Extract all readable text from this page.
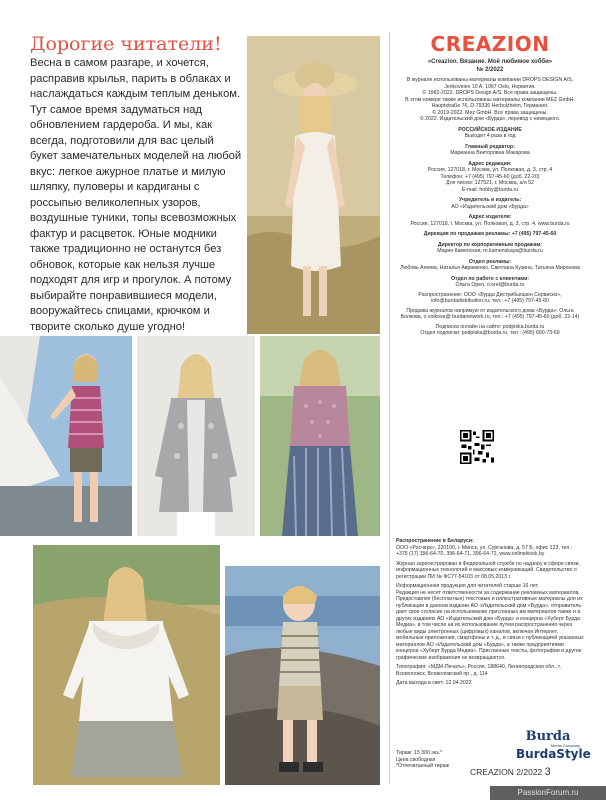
Дорогие читатели!
Весна в самом разгаре, и хочется, расправив крылья, парить в облаках и наслаждаться каждым теплым деньком. Тут самое время задуматься над обновлением гардероба. И мы, как всегда, подготовили для вас целый букет замечательных моделей на любой вкус: легкое ажурное платье и милую шляпку, пуловеры и кардиганы с россыпью великолепных узоров, воздушные туники, топы всевозможных фактур и расцветок. Юные модники также традиционно не останутся без обновок, которые как нельзя лучше подходят для игр и прогулок. А потому выбирайте понравившиеся модели, вооружайтесь спицами, крючком и творите сколько душе угодно!
CREAZION
«Creazion. Вязание. Моё любимое хобби»
№ 2/2022
В журнале использованы материалы компании DROPS DESIGN A/S, Jerikoveien 10 A, 1067 Oslo, Норвегия.
© 1982-2022. DROPS Design A/S. Все права защищены.
В этом номере также использованы материалы компании MEZ GmbH, Hauptstraße 76, D-79336 Herbolzheim, Германия.
© 2019-2022. Mez GmbH. Все права защищены.
© 2022. Издательский дом «Бурда», перевод с немецкого.
РОССИЙСКОЕ ИЗДАНИЕ
Выходит 4 раза в год
Главный редактор:
Марианна Викторовна Макарова
Адрес редакции:
Россия, 127018, г. Москва, ул. Полковая, д. 3, стр. 4
Телефон: +7 (495) 797-45-60 (доб. 22-20)
Для писем: 127521, г. Москва, а/я 52
E-mail: hobby@burda.ru
Учредитель и издатель:
АО «Издательский дом «Бурда»
Адрес издателя:
Россия, 127018, г. Москва, ул. Полковая, д. 3, стр. 4, www.burda.ru
Дирекция по продажам рекламы: +7 (495) 797-45-60
Директор по корпоративным продажам:
Мария Каменская, m.kamenskaya@burda.ru
Отдел рекламы:
Любовь Агеева, Наталья Авраменко, Светлана Кузина, Татьяна Миронова
Отдел по работе с клиентами:
Ольга Орел, o.orel@burda.ru
Распространение: ООО «Бурда Дистрибьюшен Сервисиз», info@burdadistribution.ru, тел.: +7 (495) 797-45-60
Продажа журналов напрямую от издательского дома «Бурда»: Ольга Волкова, o.volkova@ burdanetwork.ru, тел.: +7 (495) 797-45-60 (доб. 22-14)
Подписка онлайн на сайте: podpiska.burda.ru
Отдел подписки: podpiska@burda.ru, тел.: (495) 660-73-69
Распространение в Беларуси:
ООО «Росчерк», 220100, г. Минск, ул. Сурганова, д. 57 Б, офис 123, тел.: +375 (17) 396-64-70, 396-64-71, 396-64-72, www.onlinekiosk.by
Журнал зарегистрирован в Федеральной службе по надзору в сфере связи, информационных технологий и массовых коммуникаций. Свидетельство о регистрации ПИ № ФС77-54103 от 08.05.2013 г.
Информационная продукция для читателей старше 16 лет.
Редакция не несет ответственности за содержание рекламных материалов. Предоставляя (бесплатные) текстовые и иллюстративные материалы для их публикации в данном издании АО «Издательский дом «Бурда», отправитель дает свое согласие на использование присланных им материалов также и в других изданиях АО «Издательский дом «Бурда» и концерна «Хуберт Бурда Медиа», в том числе на их использование путем распространения через любые виды электронных (цифровых) каналов, включая Интернет, мобильные приложения, смартфоны и т. д., в связи с публикацией указанных материалов АО «Издательский дом «Бурда», а также предприятиями концерна «Хуберт Бурда Медиа». Присланные тексты, фотографии и другие графические изображения не возвращаются.
Типография: «МДМ-Печать», Россия, 188640, Ленинградская обл., г. Всеволожск, Всеволожский пр., д. 114
Дата выхода в свет: 12.04.2022
Тираж: 15 300 экз.*
Цена свободная
*Отпечатанный тираж
Burda
Media Company
BurdaStyle
CREAZION 2/2022 3
PassionForum.ru
